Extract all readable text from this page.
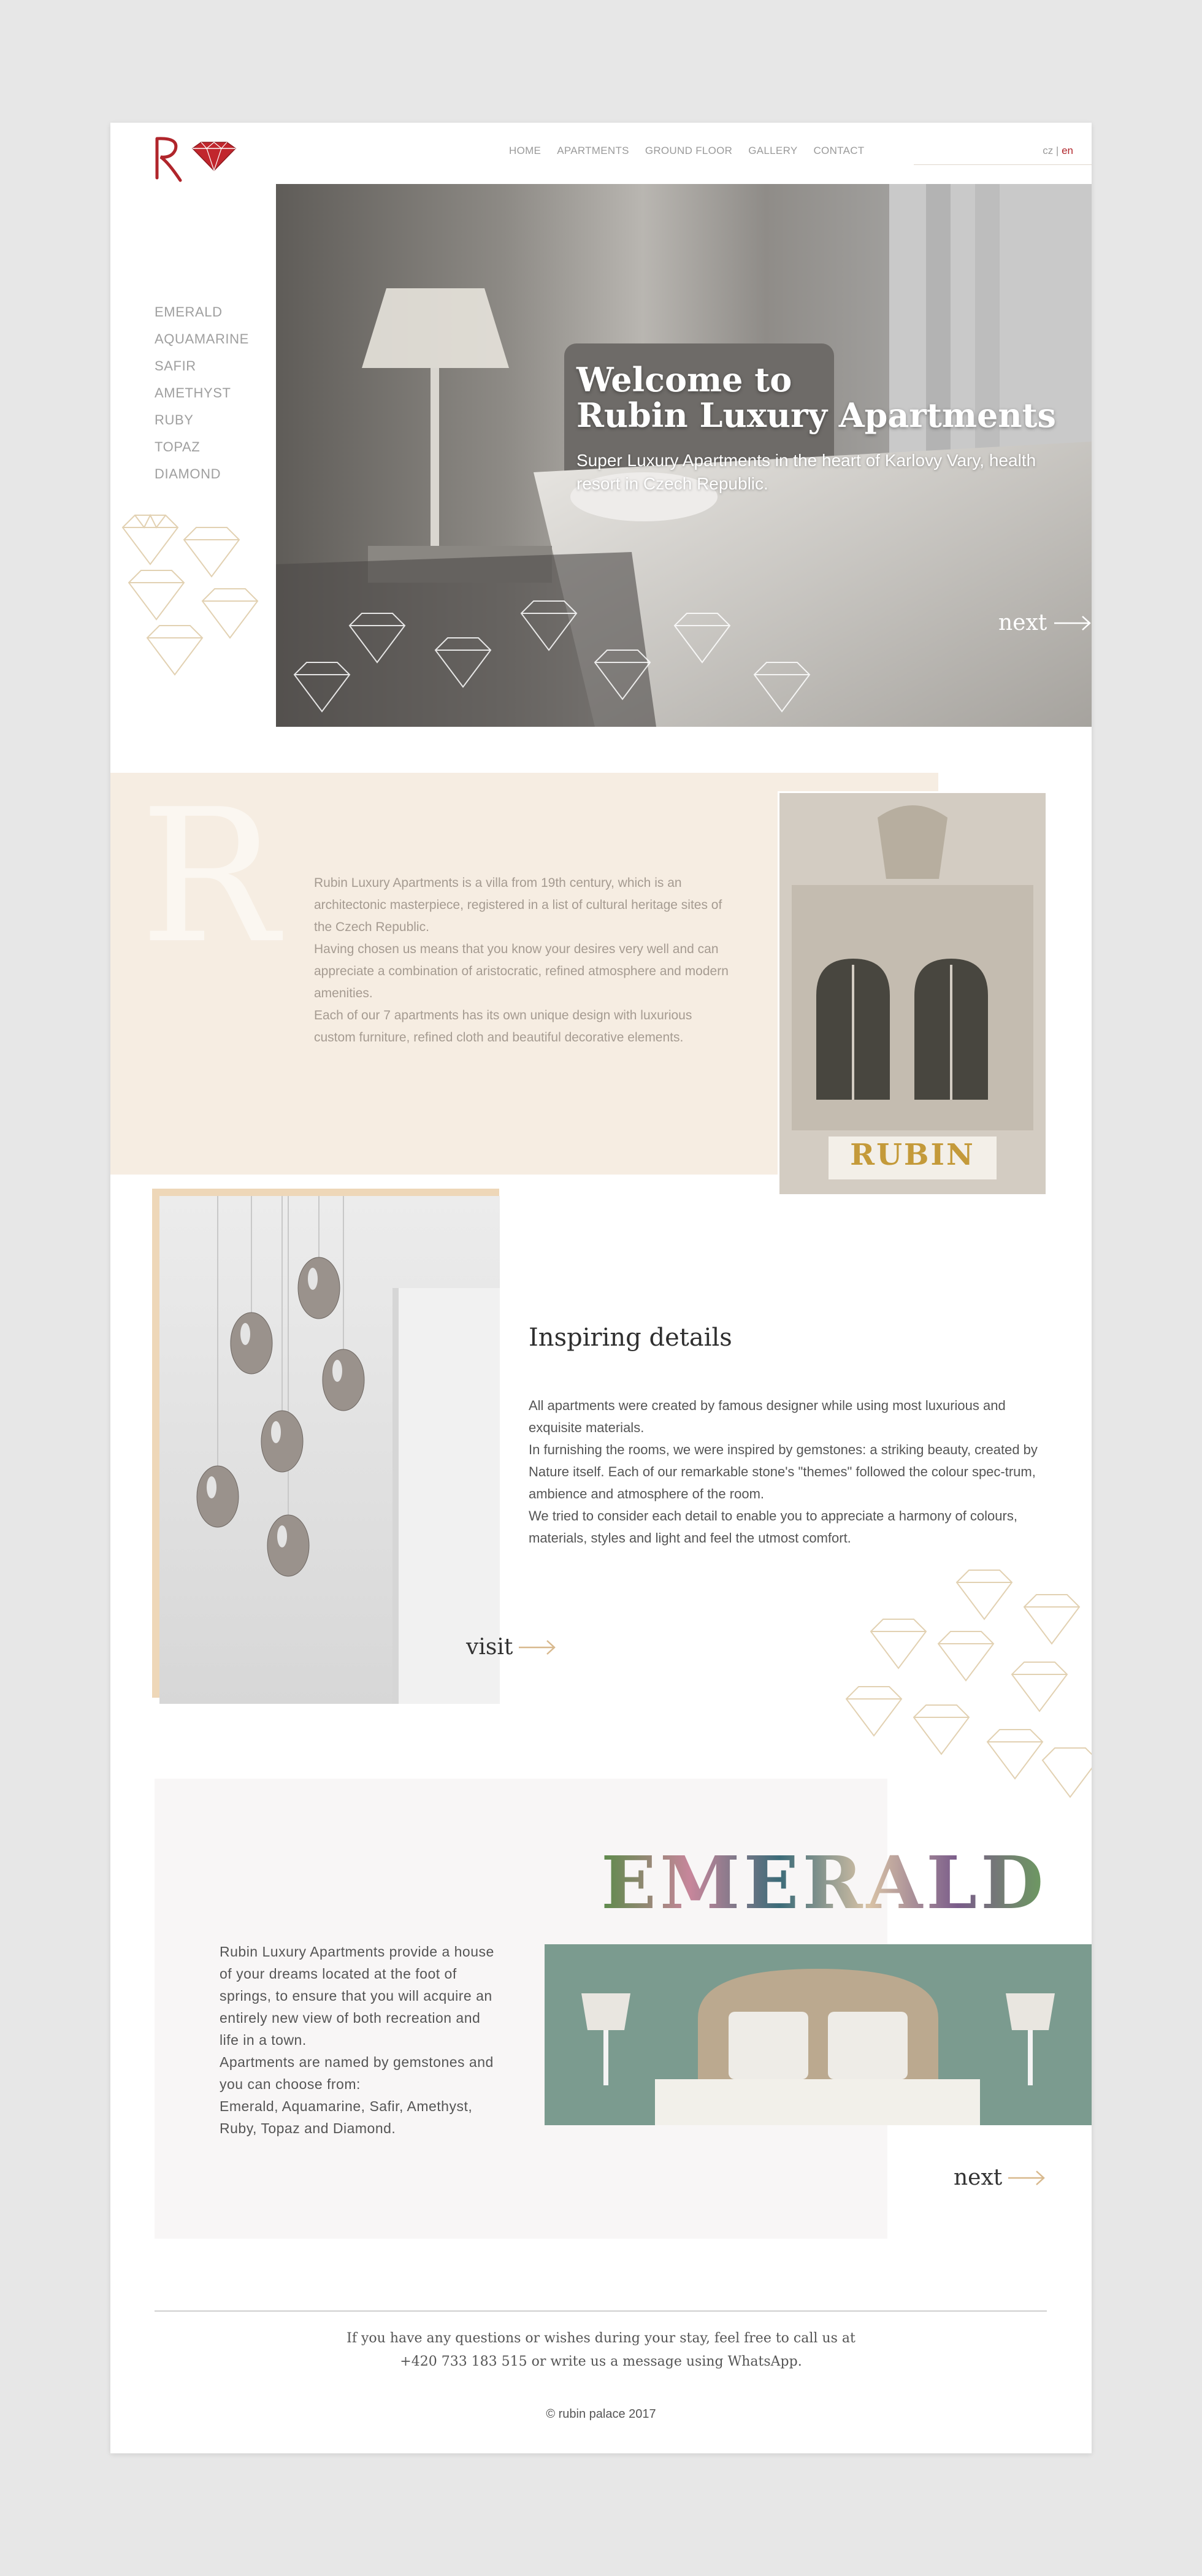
HOME APARTMENTS GROUND FLOOR GALLERY CONTACT	cz | en
EMERALD
AQUAMARINE
SAFIR
AMETHYST
RUBY
TOPAZ
DIAMOND
Welcome to
Rubin Luxury Apartments
Super Luxury Apartments in the heart of Karlovy Vary, health resort in Czech Republic.
next
R	Rubin Luxury Apartments is a villa from 19th century, which is an architectonic masterpiece, registered in a list of cultural heritage sites of the Czech Republic.
Having chosen us means that you know your desires very well and can appreciate a combination of aristocratic, refined atmosphere and modern amenities.
Each of our 7 apartments has its own unique design with luxurious custom furniture, refined cloth and beautiful decorative elements.
RUBIN
Inspiring details
All apartments were created by famous designer while using most luxurious and exquisite materials.
In furnishing the rooms, we were inspired by gemstones: a striking beauty, created by Nature itself. Each of our remarkable stone's "themes" followed the colour spec-trum, ambience and atmosphere of the room.
We tried to consider each detail to enable you to appreciate a harmony of colours, materials, styles and light and feel the utmost comfort.
visit
Rubin Luxury Apartments provide a house of your dreams located at the foot of springs, to ensure that you will acquire an entirely new view of both recreation and life in a town.
Apartments are named by gemstones and you can choose from:
Emerald, Aquamarine, Safir, Amethyst, Ruby, Topaz and Diamond.
EMERALD
next
If you have any questions or wishes during your stay, feel free to call us at
+420 733 183 515 or write us a message using WhatsApp.
© rubin palace 2017
